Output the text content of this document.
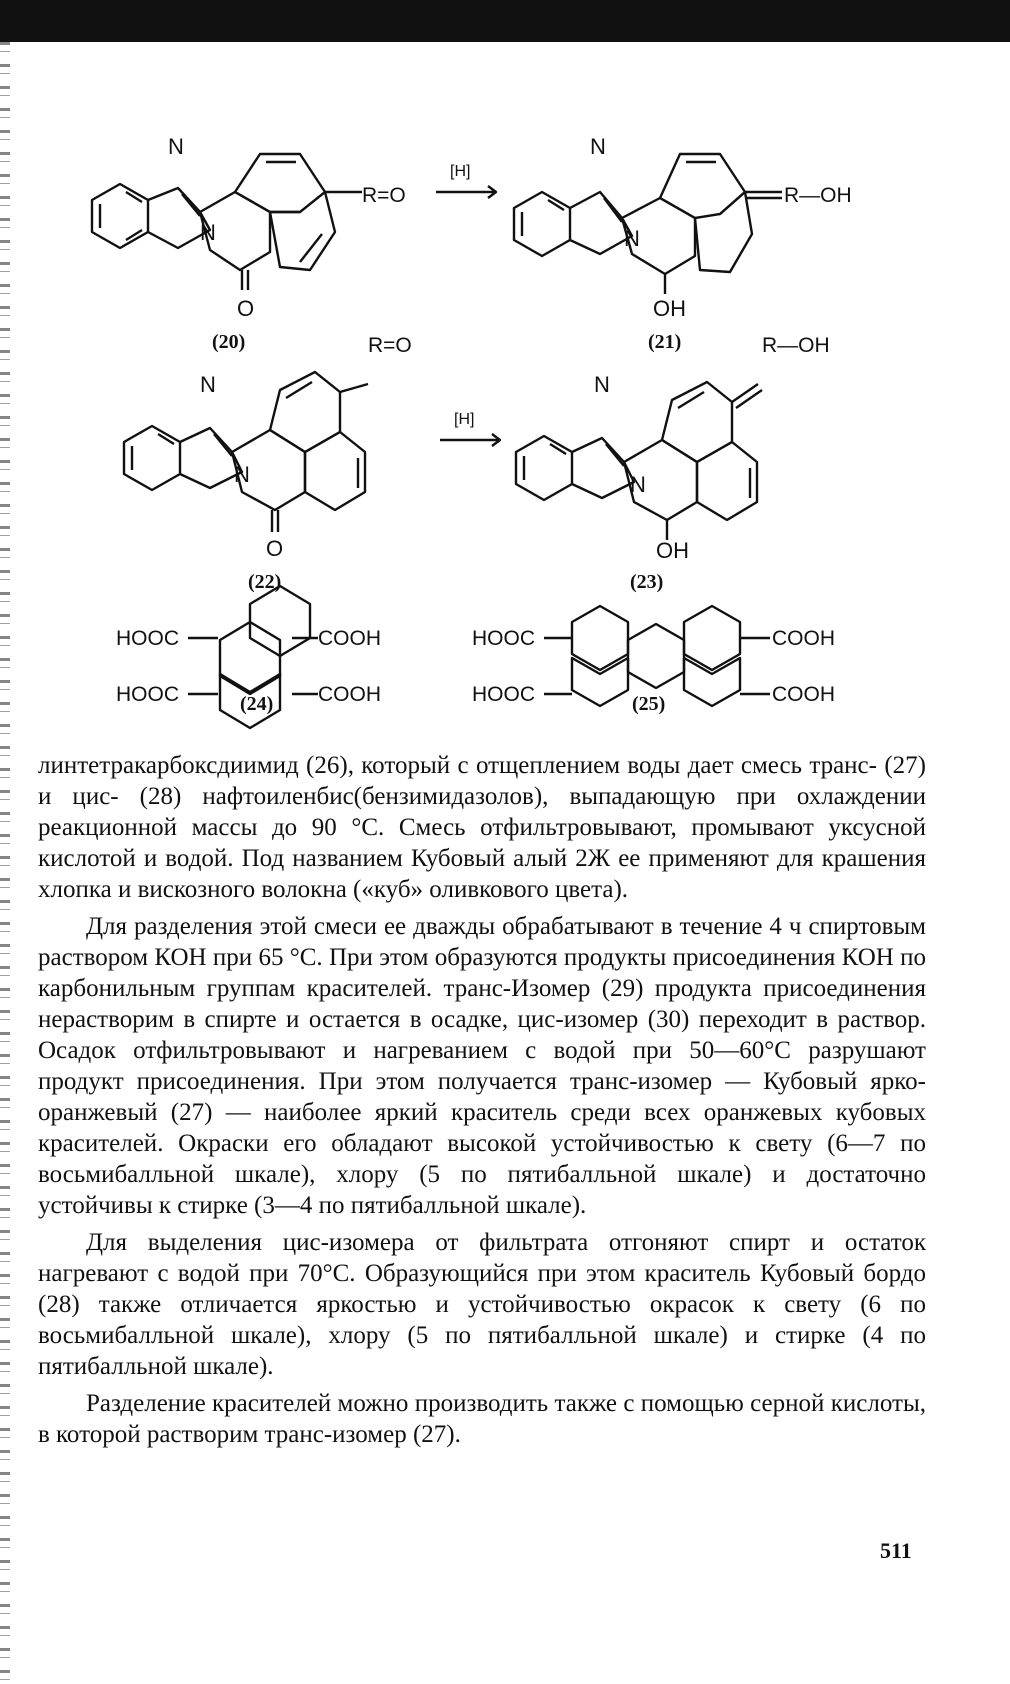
N
N
O
R=O
[H]
(20)
N
N
OH
R—OH
(21)
N
N
O
R=O
[H]
(22)
N
N
OH
R—OH
(23)
HOOC
HOOC
COOH
COOH
(24)
HOOC
HOOC
COOH
COOH
(25)

линтетракарбоксдиимид (26), который с отщеплением воды дает смесь транс- (27) и цис- (28) нафтоиленбис(бензимидазолов), выпадающую при охлаждении реакционной массы до 90 °С. Смесь отфильтровывают, промывают уксусной кислотой и водой. Под названием Кубовый алый 2Ж ее применяют для крашения хлопка и вискозного волокна («куб» оливкового цвета).

Для разделения этой смеси ее дважды обрабатывают в течение 4 ч спиртовым раствором КОН при 65 °С. При этом образуются продукты присоединения КОН по карбонильным группам красителей. транс-Изомер (29) продукта присоединения нерастворим в спирте и остается в осадке, цис-изомер (30) переходит в раствор. Осадок отфильтровывают и нагреванием с водой при 50—60°С разрушают продукт присоединения. При этом получается транс-изомер — Кубовый ярко-оранжевый (27) — наиболее яркий краситель среди всех оранжевых кубовых красителей. Окраски его обладают высокой устойчивостью к свету (6—7 по восьмибалльной шкале), хлору (5 по пятибалльной шкале) и достаточно устойчивы к стирке (3—4 по пятибалльной шкале).

Для выделения цис-изомера от фильтрата отгоняют спирт и остаток нагревают с водой при 70°С. Образующийся при этом краситель Кубовый бордо (28) также отличается яркостью и устойчивостью окрасок к свету (6 по восьмибалльной шкале), хлору (5 по пятибалльной шкале) и стирке (4 по пятибалльной шкале).

Разделение красителей можно производить также с помощью серной кислоты, в которой растворим транс-изомер (27).

511
